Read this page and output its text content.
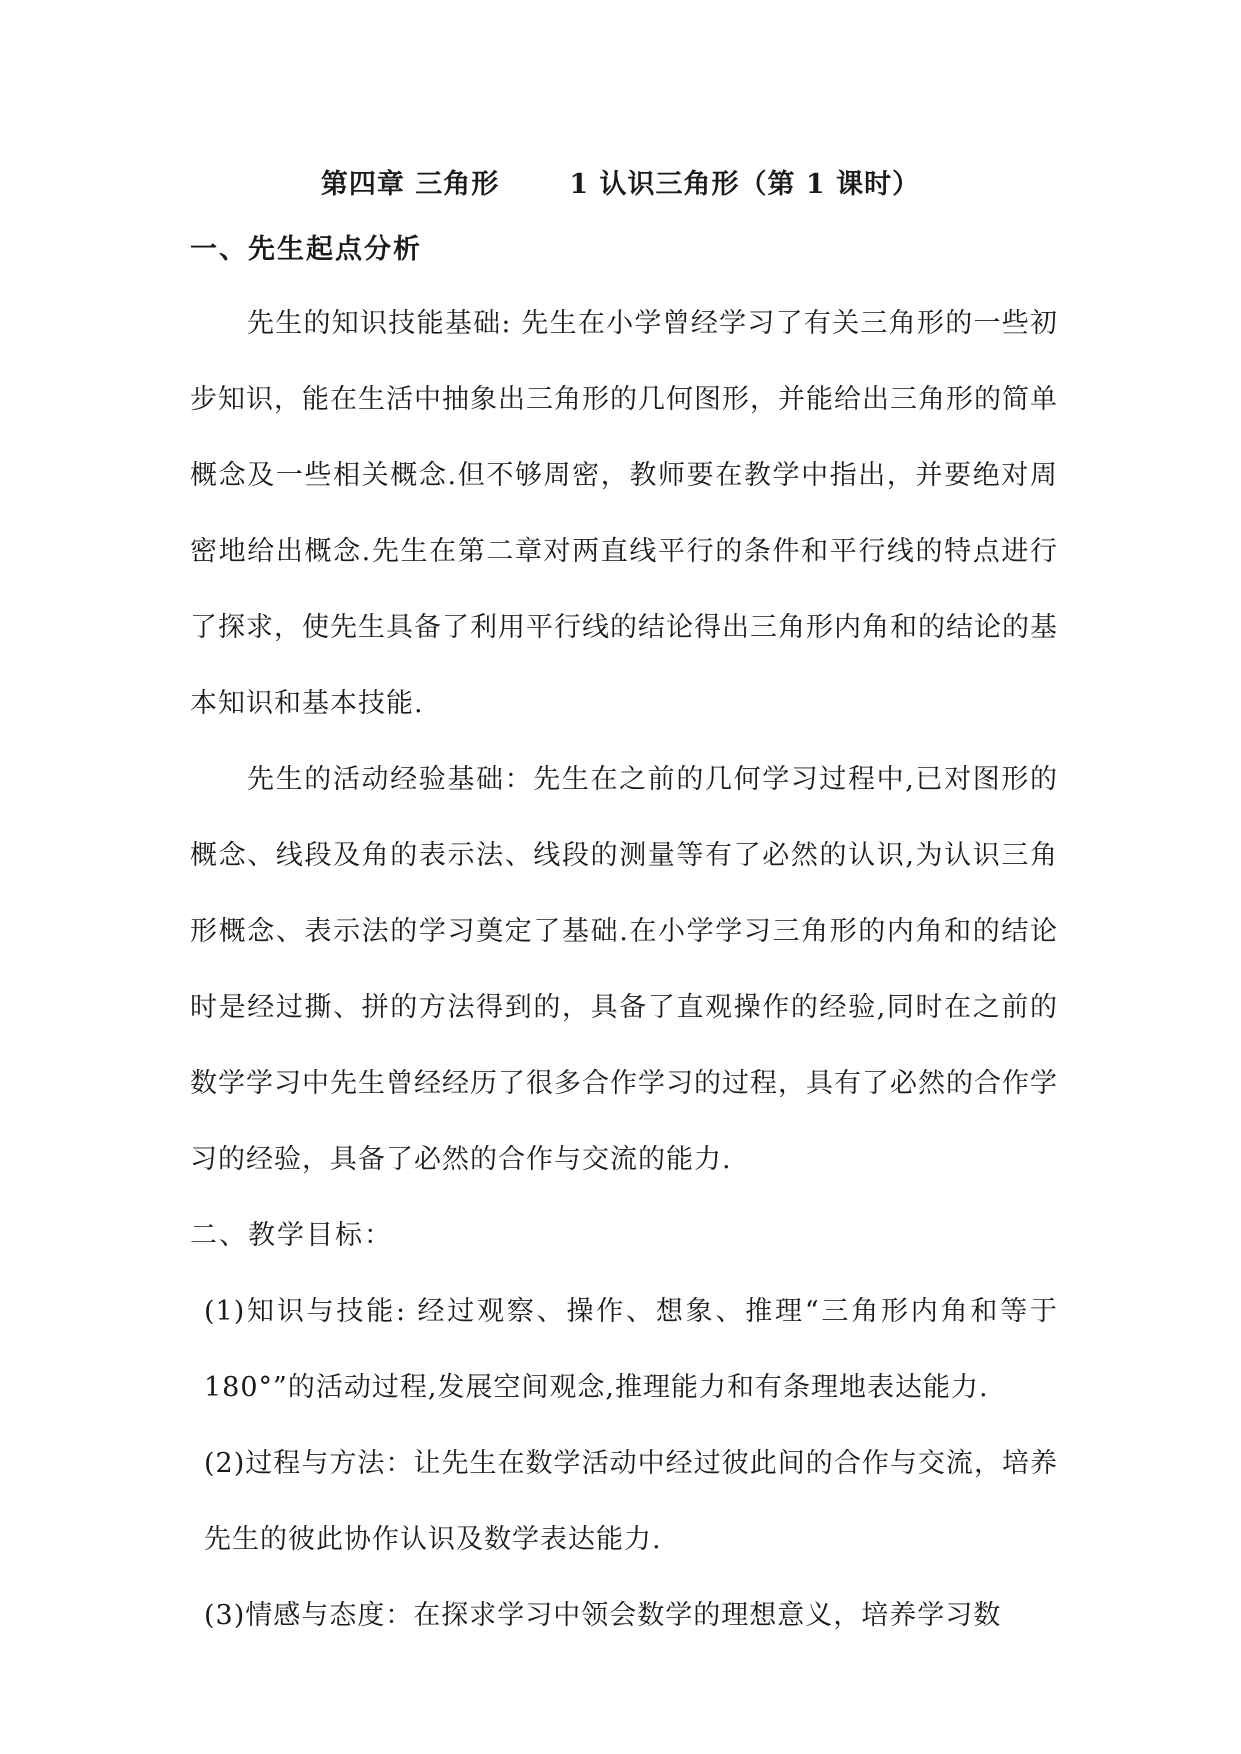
第四章 三角形	1 认识三角形（第 1 课时）

一、先生起点分析

先生的知识技能基础: 先生在小学曾经学习了有关三角形的一些初步知识，能在生活中抽象出三角形的几何图形，并能给出三角形的简单概念及一些相关概念.但不够周密，教师要在教学中指出，并要绝对周密地给出概念.先生在第二章对两直线平行的条件和平行线的特点进行了探求，使先生具备了利用平行线的结论得出三角形内角和的结论的基本知识和基本技能.

先生的活动经验基础：先生在之前的几何学习过程中,已对图形的概念、线段及角的表示法、线段的测量等有了必然的认识,为认识三角形概念、表示法的学习奠定了基础.在小学学习三角形的内角和的结论时是经过撕、拼的方法得到的，具备了直观操作的经验,同时在之前的数学学习中先生曾经经历了很多合作学习的过程，具有了必然的合作学习的经验，具备了必然的合作与交流的能力.

二、教学目标：

(1)知识与技能: 经过观察、操作、想象、推理“三角形内角和等于 180°”的活动过程,发展空间观念,推理能力和有条理地表达能力.

(2)过程与方法：让先生在数学活动中经过彼此间的合作与交流，培养先生的彼此协作认识及数学表达能力.

(3)情感与态度：在探求学习中领会数学的理想意义，培养学习数
